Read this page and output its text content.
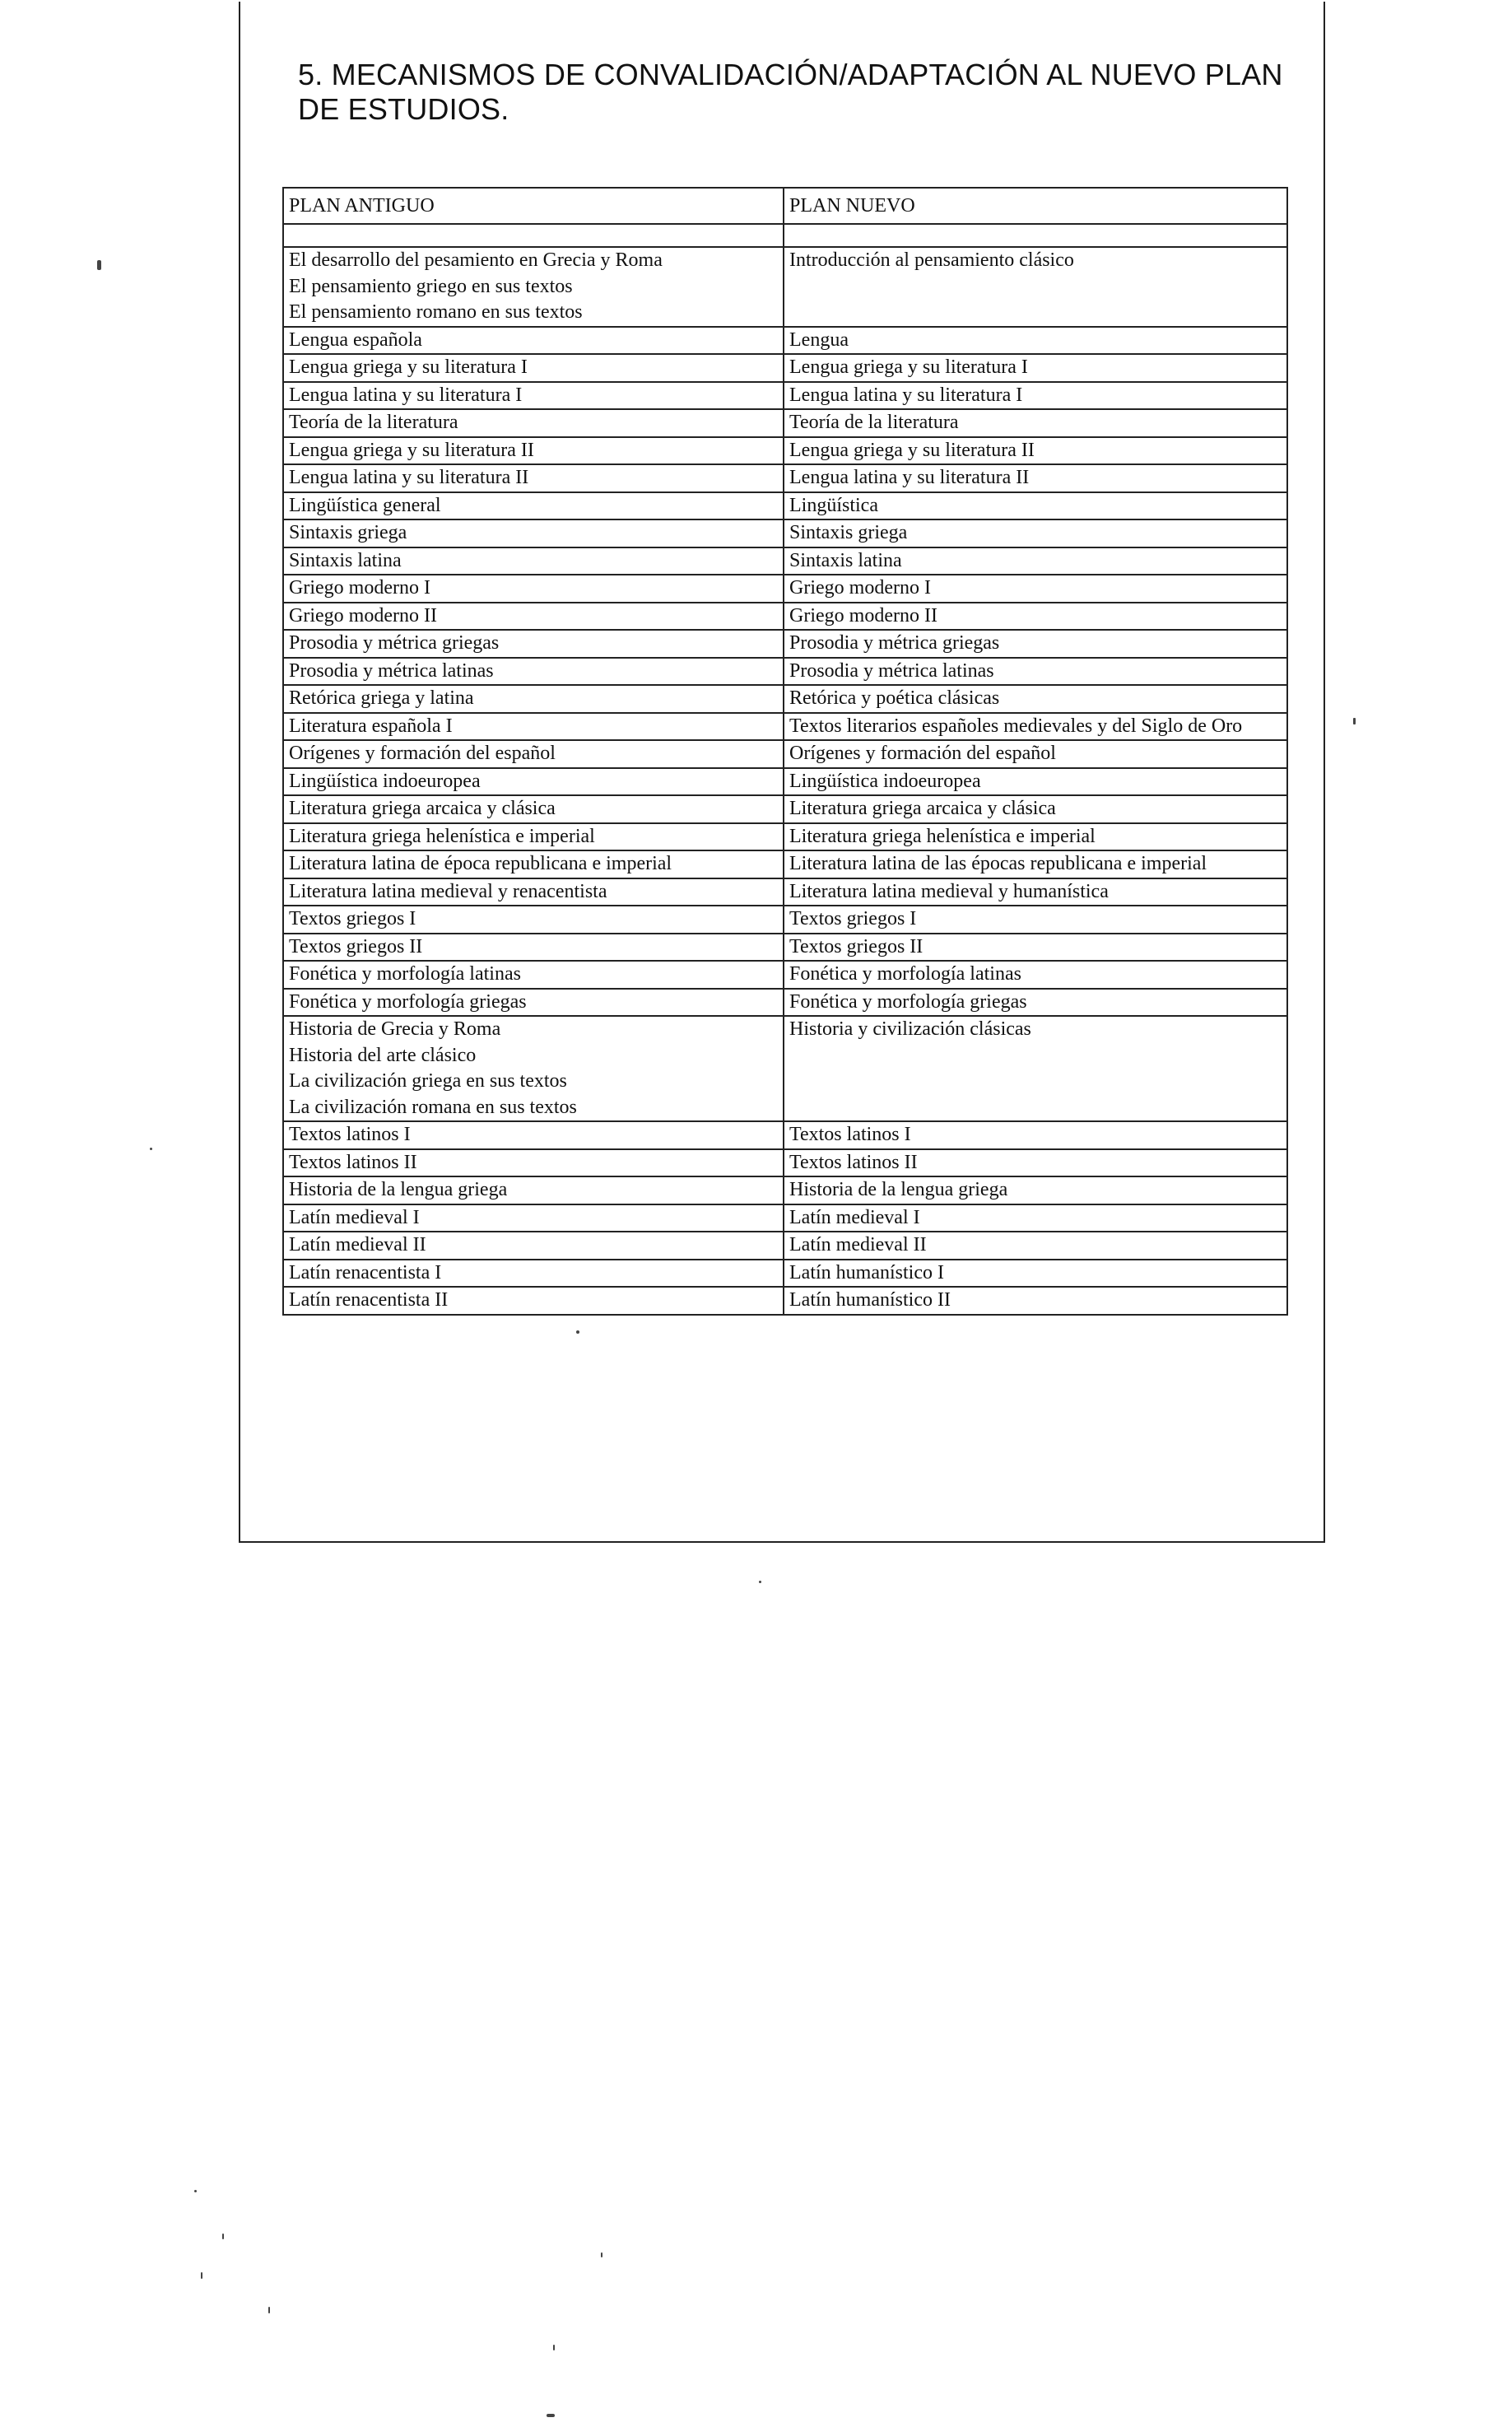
5. MECANISMOS DE CONVALIDACIÓN/ADAPTACIÓN AL NUEVO PLAN DE ESTUDIOS.
PLAN ANTIGUO	PLAN NUEVO

El desarrollo del pesamiento en Grecia y Roma
El pensamiento griego en sus textos
El pensamiento romano en sus textos	Introducción al pensamiento clásico

Lengua española	Lengua

Lengua griega y su literatura I	Lengua griega y su literatura I

Lengua latina y su literatura I	Lengua latina y su literatura I

Teoría de la literatura	Teoría de la literatura

Lengua griega y su literatura II	Lengua griega y su literatura II

Lengua latina y su literatura II	Lengua latina y su literatura II

Lingüística general	Lingüística

Sintaxis griega	Sintaxis griega

Sintaxis latina	Sintaxis latina

Griego moderno I	Griego moderno I

Griego moderno II	Griego moderno II

Prosodia y métrica griegas	Prosodia y métrica griegas

Prosodia y métrica latinas	Prosodia y métrica latinas

Retórica griega y latina	Retórica y poética clásicas

Literatura española I	Textos literarios españoles medievales y del Siglo de Oro

Orígenes y formación del español	Orígenes y formación del español

Lingüística indoeuropea	Lingüística indoeuropea

Literatura griega arcaica y clásica	Literatura griega arcaica y clásica

Literatura griega helenística e imperial	Literatura griega helenística e imperial

Literatura latina de época republicana e imperial	Literatura latina de las épocas republicana e imperial

Literatura latina medieval y renacentista	Literatura latina medieval y humanística

Textos griegos I	Textos griegos I

Textos griegos II	Textos griegos II

Fonética y morfología latinas	Fonética y morfología latinas

Fonética y morfología griegas	Fonética y morfología griegas

Historia de Grecia y Roma
Historia del arte clásico
La civilización griega en sus textos
La civilización romana en sus textos	Historia y civilización clásicas

Textos latinos I	Textos latinos I

Textos latinos II	Textos latinos II

Historia de la lengua griega	Historia de la lengua griega

Latín medieval I	Latín medieval I

Latín medieval II	Latín medieval II

Latín renacentista I	Latín humanístico I

Latín renacentista II	Latín humanístico II
